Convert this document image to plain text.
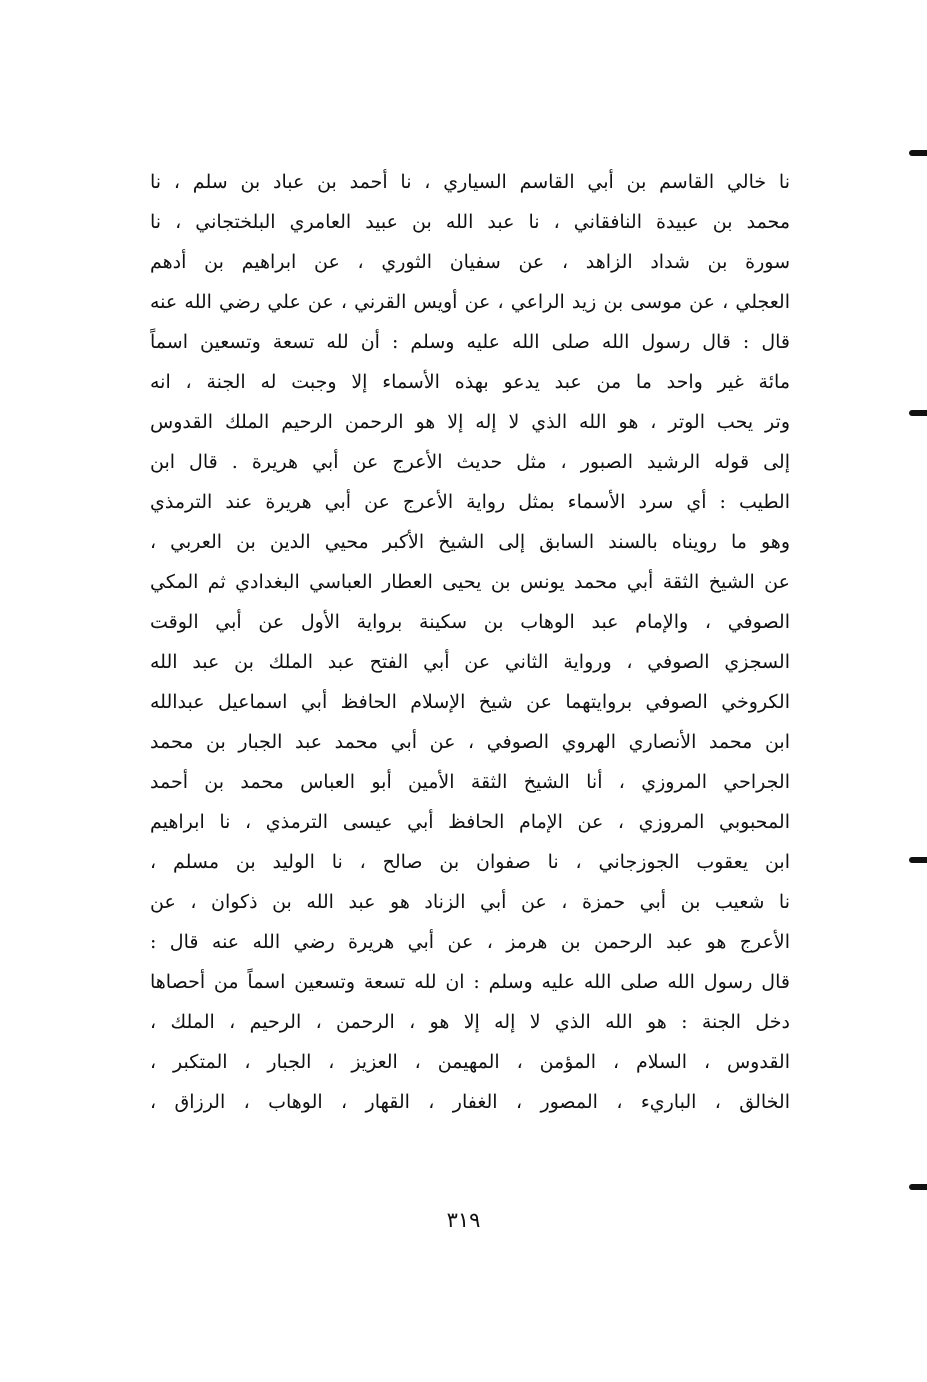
نا خالي القاسم بن أبي القاسم السياري ، نا أحمد بن عباد بن سلم ، نا
محمد بن عبيدة النافقاني ، نا عبد الله بن عبيد العامري البلختجاني ، نا
سورة بن شداد الزاهد ، عن سفيان الثوري ، عن ابراهيم بن أدهم
العجلي ، عن موسى بن زيد الراعي ، عن أويس القرني ، عن علي رضي الله عنه
قال : قال رسول الله صلى الله عليه وسلم : أن لله تسعة وتسعين اسماً
مائة غير واحد ما من عبد يدعو بهذه الأسماء إلا وجبت له الجنة ، انه
وتر يحب الوتر ، هو الله الذي لا إله إلا هو الرحمن الرحيم الملك القدوس
إلى قوله الرشيد الصبور ، مثل حديث الأعرج عن أبي هريرة . قال ابن
الطيب : أي سرد الأسماء بمثل رواية الأعرج عن أبي هريرة عند الترمذي
وهو ما رويناه بالسند السابق إلى الشيخ الأكبر محيي الدين بن العربي ،
عن الشيخ الثقة أبي محمد يونس بن يحيى العطار العباسي البغدادي ثم المكي
الصوفي ، والإمام عبد الوهاب بن سكينة برواية الأول عن أبي الوقت
السجزي الصوفي ، ورواية الثاني عن أبي الفتح عبد الملك بن عبد الله
الكروخي الصوفي بروايتهما عن شيخ الإسلام الحافظ أبي اسماعيل عبدالله
ابن محمد الأنصاري الهروي الصوفي ، عن أبي محمد عبد الجبار بن محمد
الجراحي المروزي ، أنا الشيخ الثقة الأمين أبو العباس محمد بن أحمد
المحبوبي المروزي ، عن الإمام الحافظ أبي عيسى الترمذي ، نا ابراهيم
ابن يعقوب الجوزجاني ، نا صفوان بن صالح ، نا الوليد بن مسلم ،
نا شعيب بن أبي حمزة ، عن أبي الزناد هو عبد الله بن ذكوان ، عن
الأعرج هو عبد الرحمن بن هرمز ، عن أبي هريرة رضي الله عنه قال :
قال رسول الله صلى الله عليه وسلم : ان لله تسعة وتسعين اسماً من أحصاها
دخل الجنة : هو الله الذي لا إله إلا هو ، الرحمن ، الرحيم ، الملك ،
القدوس ، السلام ، المؤمن ، المهيمن ، العزيز ، الجبار ، المتكبر ،
الخالق ، الباريء ، المصور ، الغفار ، القهار ، الوهاب ، الرزاق ،
٣١٩
